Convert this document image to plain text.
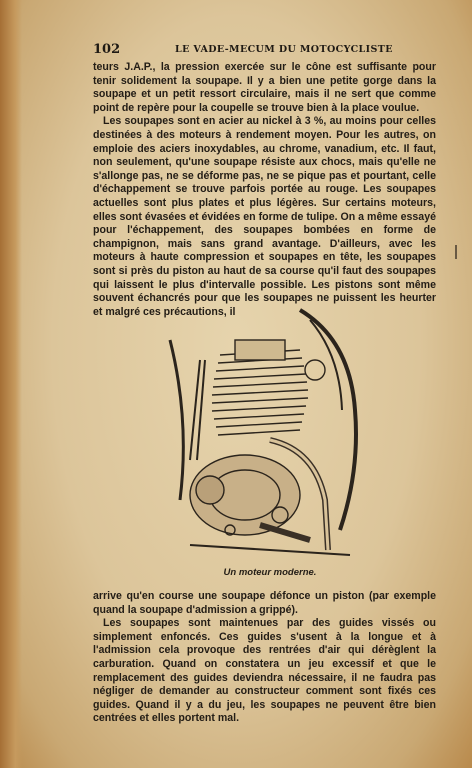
102	LE VADE-MECUM DU MOTOCYCLISTE

teurs J.A.P., la pression exercée sur le cône est suffisante pour tenir solidement la soupape. Il y a bien une petite gorge dans la soupape et un petit ressort circulaire, mais il ne sert que comme point de repère pour la coupelle se trouve bien à la place voulue.

Les soupapes sont en acier au nickel à 3 %, au moins pour celles destinées à des moteurs à rendement moyen. Pour les autres, on emploie des aciers inoxydables, au chrome, vanadium, etc. Il faut, non seulement, qu'une soupape résiste aux chocs, mais qu'elle ne s'allonge pas, ne se déforme pas, ne se pique pas et pourtant, celle d'échappement se trouve parfois portée au rouge. Les soupapes actuelles sont plus plates et plus légères. Sur certains moteurs, elles sont évasées et évidées en forme de tulipe. On a même essayé pour l'échappement, des soupapes bombées en forme de champignon, mais sans grand avantage. D'ailleurs, avec les moteurs à haute compression et soupapes en tête, les soupapes sont si près du piston au haut de sa course qu'il faut des soupapes qui laissent le plus d'intervalle possible. Les pistons sont même souvent échancrés pour que les soupapes ne puissent les heurter et malgré ces précautions, il

Un moteur moderne.

arrive qu'en course une soupape défonce un piston (par exemple quand la soupape d'admission a grippé).

Les soupapes sont maintenues par des guides vissés ou simplement enfoncés. Ces guides s'usent à la longue et à l'admission cela provoque des rentrées d'air qui dérèglent la carburation. Quand on constatera un jeu excessif et que le remplacement des guides deviendra nécessaire, il ne faudra pas négliger de demander au constructeur comment sont fixés ces guides. Quand il y a du jeu, les soupapes ne peuvent être bien centrées et elles portent mal.
